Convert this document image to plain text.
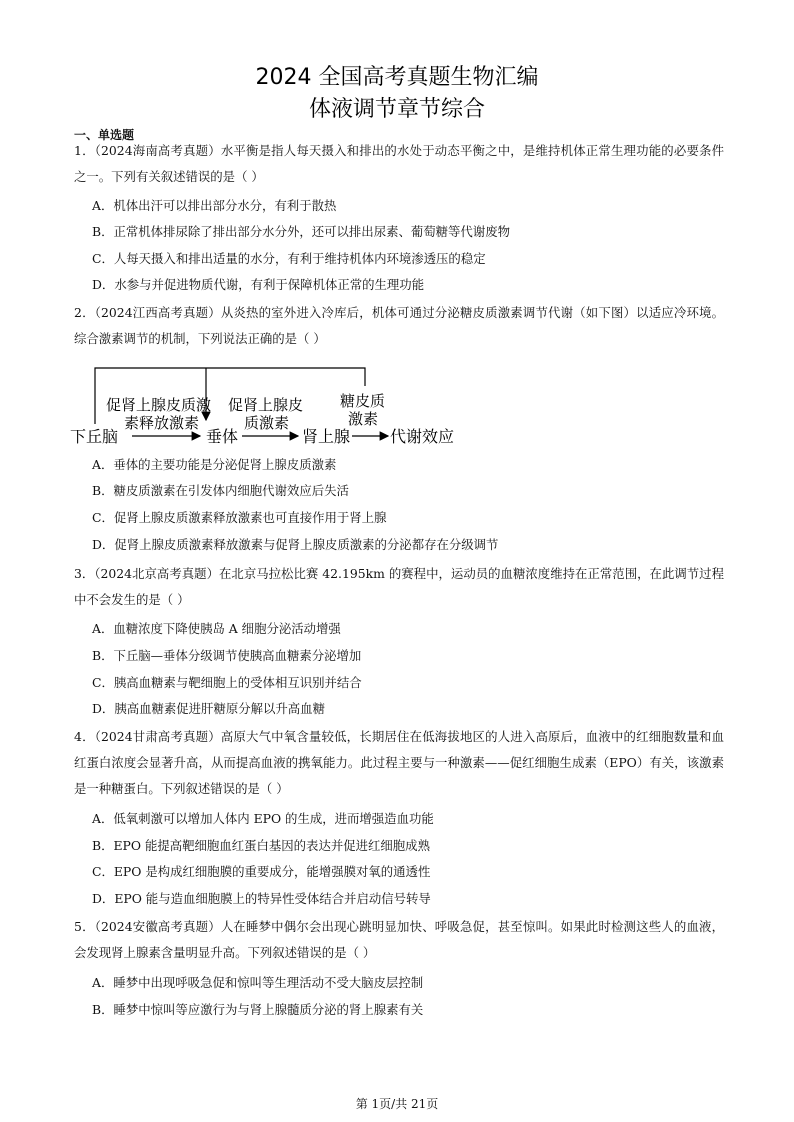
2024 全国高考真题生物汇编
体液调节章节综合
一、单选题
1．（2024海南高考真题）水平衡是指人每天摄入和排出的水处于动态平衡之中，是维持机体正常生理功能的必要条件之一。下列有关叙述错误的是（ ）
A．机体出汗可以排出部分水分，有利于散热
B．正常机体排尿除了排出部分水分外，还可以排出尿素、葡萄糖等代谢废物
C．人每天摄入和排出适量的水分，有利于维持机体内环境渗透压的稳定
D．水参与并促进物质代谢，有利于保障机体正常的生理功能
2．（2024江西高考真题）从炎热的室外进入冷库后，机体可通过分泌糖皮质激素调节代谢（如下图）以适应冷环境。综合激素调节的机制，下列说法正确的是（ ）
下丘脑	垂体	肾上腺 代谢效应
促肾上腺皮质激
素释放激素
促肾上腺皮
质激素
糖皮质
激素
A．垂体的主要功能是分泌促肾上腺皮质激素
B．糖皮质激素在引发体内细胞代谢效应后失活
C．促肾上腺皮质激素释放激素也可直接作用于肾上腺
D．促肾上腺皮质激素释放激素与促肾上腺皮质激素的分泌都存在分级调节
3．（2024北京高考真题）在北京马拉松比赛 42.195km 的赛程中，运动员的血糖浓度维持在正常范围，在此调节过程中不会发生的是（ ）
A．血糖浓度下降使胰岛 A 细胞分泌活动增强
B．下丘脑—垂体分级调节使胰高血糖素分泌增加
C．胰高血糖素与靶细胞上的受体相互识别并结合
D．胰高血糖素促进肝糖原分解以升高血糖
4．（2024甘肃高考真题）高原大气中氧含量较低，长期居住在低海拔地区的人进入高原后，血液中的红细胞数量和血红蛋白浓度会显著升高，从而提高血液的携氧能力。此过程主要与一种激素——促红细胞生成素（EPO）有关，该激素是一种糖蛋白。下列叙述错误的是（ ）
A．低氧刺激可以增加人体内 EPO 的生成，进而增强造血功能
B．EPO 能提高靶细胞血红蛋白基因的表达并促进红细胞成熟
C．EPO 是构成红细胞膜的重要成分，能增强膜对氧的通透性
D．EPO 能与造血细胞膜上的特异性受体结合并启动信号转导
5．（2024安徽高考真题）人在睡梦中偶尔会出现心跳明显加快、呼吸急促，甚至惊叫。如果此时检测这些人的血液，会发现肾上腺素含量明显升高。下列叙述错误的是（ ）
A．睡梦中出现呼吸急促和惊叫等生理活动不受大脑皮层控制
B．睡梦中惊叫等应激行为与肾上腺髓质分泌的肾上腺素有关
第 1页/共 21页
